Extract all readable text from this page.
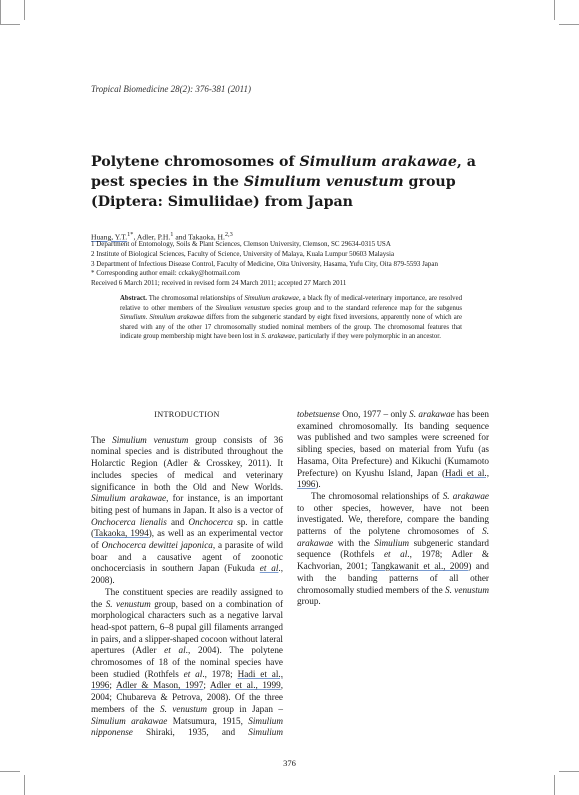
Tropical Biomedicine 28(2): 376-381 (2011)
Polytene chromosomes of Simulium arakawae, a pest species in the Simulium venustum group (Diptera: Simuliidae) from Japan
Huang, Y.T.$^{1*}$, Adler, P.H.$^1$ and Takaoka, H.$^{2,3}$

1 Department of Entomology, Soils & Plant Sciences, Clemson University, Clemson, SC 29634-0315 USA

2 Institute of Biological Sciences, Faculty of Science, University of Malaya, Kuala Lumpur 50603 Malaysia

3 Department of Infectious Disease Control, Faculty of Medicine, Oita University, Hasama, Yufu City, Oita 879-5593 Japan

* Corresponding author email: cckaky@hotmail.com

Received 6 March 2011; received in revised form 24 March 2011; accepted 27 March 2011

Abstract. The chromosomal relationships of Simulium arakawae, a black fly of medical-veterinary importance, are resolved relative to other members of the Simulium venustum species group and to the standard reference map for the subgenus Simulium. Simulium arakawae differs from the subgeneric standard by eight fixed inversions, apparently none of which are shared with any of the other 17 chromosomally studied nominal members of the group. The chromosomal features that indicate group membership might have been lost in S. arakawae, particularly if they were polymorphic in an ancestor.

INTRODUCTION

The Simulium venustum group consists of 36 nominal species and is distributed throughout the Holarctic Region (Adler & Crosskey, 2011). It includes species of medical and veterinary significance in both the Old and New Worlds. Simulium arakawae, for instance, is an important biting pest of humans in Japan. It also is a vector of Onchocerca lienalis and Onchocerca sp. in cattle (Takaoka, 1994), as well as an experimental vector of Onchocerca dewittei japonica, a parasite of wild boar and a causative agent of zoonotic onchocerciasis in southern Japan (Fukuda et al., 2008).

The constituent species are readily assigned to the S. venustum group, based on a combination of morphological characters such as a negative larval head-spot pattern, 6–8 pupal gill filaments arranged in pairs, and a slipper-shaped cocoon without lateral apertures (Adler et al., 2004). The polytene chromosomes of 18 of the nominal species have been studied (Rothfels et al., 1978; Hadi et al., 1996; Adler & Mason, 1997; Adler et al., 1999, 2004; Chubareva & Petrova, 2008). Of the three members of the S. venustum group in Japan – Simulium arakawae Matsumura, 1915, Simulium nipponense Shiraki, 1935, and Simulium tobetsuense Ono, 1977 – only S. arakawae has been examined chromosomally. Its banding sequence was published and two samples were screened for sibling species, based on material from Yufu (as Hasama, Oita Prefecture) and Kikuchi (Kumamoto Prefecture) on Kyushu Island, Japan (Hadi et al., 1996).

The chromosomal relationships of S. arakawae to other species, however, have not been investigated. We, therefore, compare the banding patterns of the polytene chromosomes of S. arakawae with the Simulium subgeneric standard sequence (Rothfels et al., 1978; Adler & Kachvorian, 2001; Tangkawanit et al., 2009) and with the banding patterns of all other chromosomally studied members of the S. venustum group.

376
